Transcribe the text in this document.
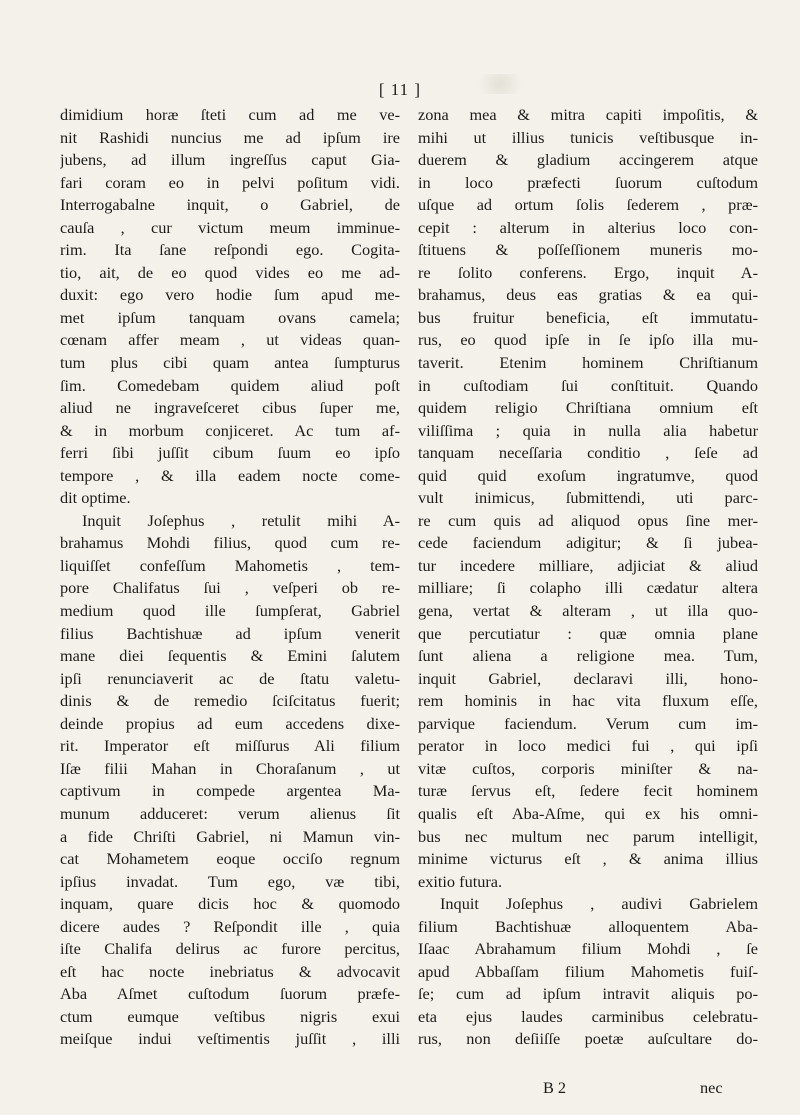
[ 11 ]
dimidium horæ ſteti cum ad me ve-
nit Rashidi nuncius me ad ipſum ire
jubens, ad illum ingreſſus caput Gia-
fari coram eo in pelvi poſitum vidi.
Interrogabalne inquit, o Gabriel, de
cauſa , cur victum meum imminue-
rim. Ita ſane reſpondi ego. Cogita-
tio, ait, de eo quod vides eo me ad-
duxit: ego vero hodie ſum apud me-
met ipſum tanquam ovans camela;
cœnam affer meam , ut videas quan-
tum plus cibi quam antea ſumpturus
ſim. Comedebam quidem aliud poſt
aliud ne ingraveſceret cibus ſuper me,
& in morbum conjiceret. Ac tum af-
ferri ſibi juſſit cibum ſuum eo ipſo
tempore , & illa eadem nocte come-
dit optime.
Inquit Joſephus , retulit mihi A-
brahamus Mohdi filius, quod cum re-
liquiſſet confeſſum Mahometis , tem-
pore Chalifatus ſui , veſperi ob re-
medium quod ille ſumpſerat, Gabriel
filius Bachtishuæ ad ipſum venerit
mane diei ſequentis & Emini ſalutem
ipſi renunciaverit ac de ſtatu valetu-
dinis & de remedio ſciſcitatus fuerit;
deinde propius ad eum accedens dixe-
rit. Imperator eſt miſſurus Ali filium
Iſæ filii Mahan in Choraſanum , ut
captivum in compede argentea Ma-
munum adduceret: verum alienus ſit
a fide Chriſti Gabriel, ni Mamun vin-
cat Mohametem eoque occiſo regnum
ipſius invadat. Tum ego, væ tibi,
inquam, quare dicis hoc & quomodo
dicere audes ? Reſpondit ille , quia
iſte Chalifa delirus ac furore percitus,
eſt hac nocte inebriatus & advocavit
Aba Aſmet cuſtodum ſuorum præfe-
ctum eumque veſtibus nigris exui
meiſque indui veſtimentis juſſit , illi
zona mea & mitra capiti impoſitis, &
mihi ut illius tunicis veſtibusque in-
duerem & gladium accingerem atque
in loco præfecti ſuorum cuſtodum
uſque ad ortum ſolis ſederem , præ-
cepit : alterum in alterius loco con-
ſtituens & poſſeſſionem muneris mo-
re ſolito conferens. Ergo, inquit A-
brahamus, deus eas gratias & ea qui-
bus fruitur beneficia, eſt immutatu-
rus, eo quod ipſe in ſe ipſo illa mu-
taverit. Etenim hominem Chriſtianum
in cuſtodiam ſui conſtituit. Quando
quidem religio Chriſtiana omnium eſt
viliſſima ; quia in nulla alia habetur
tanquam neceſſaria conditio , ſeſe ad
quid quid exoſum ingratumve, quod
vult inimicus, ſubmittendi, uti parc-
re cum quis ad aliquod opus ſine mer-
cede faciendum adigitur; & ſi jubea-
tur incedere milliare, adjiciat & aliud
milliare; ſi colapho illi cædatur altera
gena, vertat & alteram , ut illa quo-
que percutiatur : quæ omnia plane
ſunt aliena a religione mea. Tum,
inquit Gabriel, declaravi illi, hono-
rem hominis in hac vita fluxum eſſe,
parvique faciendum. Verum cum im-
perator in loco medici fui , qui ipſi
vitæ cuſtos, corporis miniſter & na-
turæ ſervus eſt, ſedere fecit hominem
qualis eſt Aba-Aſme, qui ex his omni-
bus nec multum nec parum intelligit,
minime victurus eſt , & anima illius
exitio futura.
Inquit Joſephus , audivi Gabrielem
filium Bachtishuæ alloquentem Aba-
Iſaac Abrahamum filium Mohdi , ſe
apud Abbaſſam filium Mahometis fuiſ-
ſe; cum ad ipſum intravit aliquis po-
eta ejus laudes carminibus celebratu-
rus, non deſiiſſe poetæ auſcultare do-
B 2	nec
